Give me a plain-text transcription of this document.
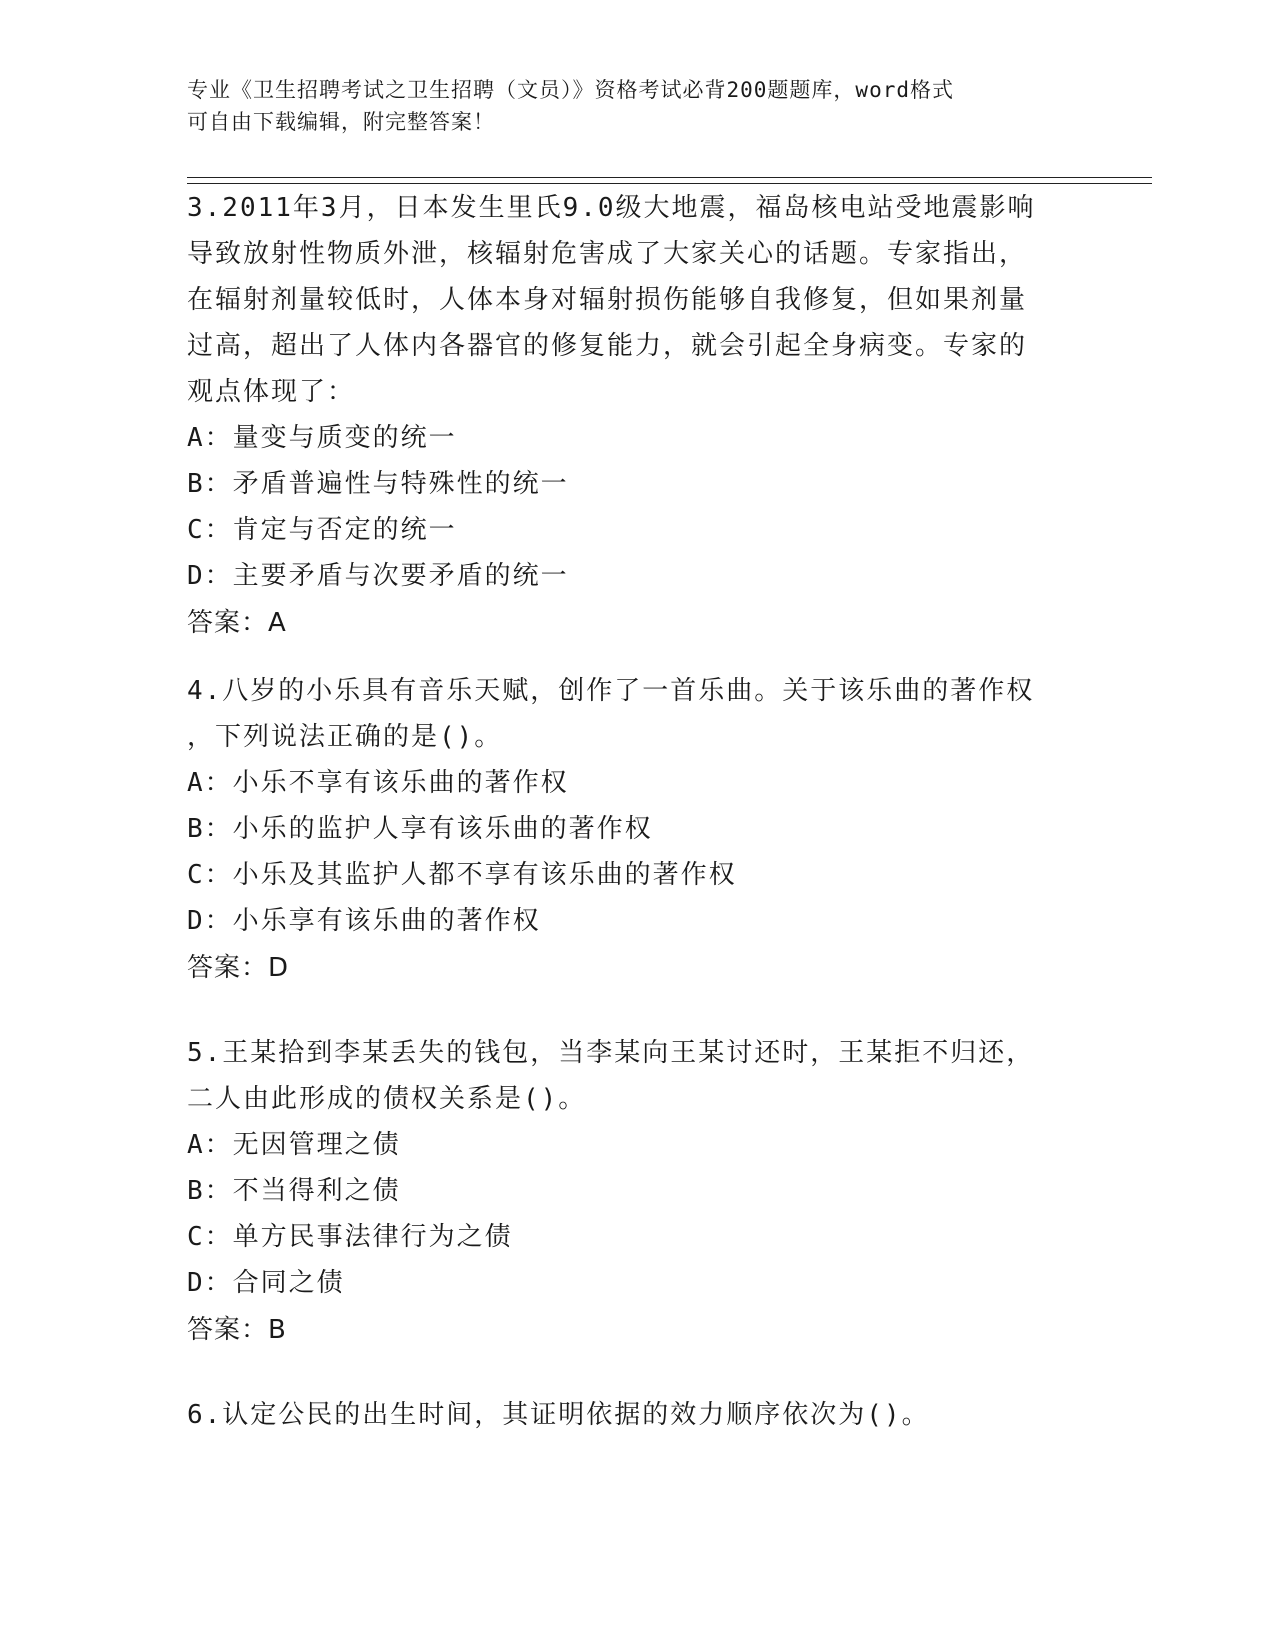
专业《卫生招聘考试之卫生招聘（文员）》资格考试必背200题题库，word格式
可自由下载编辑，附完整答案！

3.2011年3月，日本发生里氏9.0级大地震，福岛核电站受地震影响

导致放射性物质外泄，核辐射危害成了大家关心的话题。专家指出，

在辐射剂量较低时，人体本身对辐射损伤能够自我修复，但如果剂量

过高，超出了人体内各器官的修复能力，就会引起全身病变。专家的

观点体现了：

A：量变与质变的统一

B：矛盾普遍性与特殊性的统一

C：肯定与否定的统一

D：主要矛盾与次要矛盾的统一

答案：A

4.八岁的小乐具有音乐天赋，创作了一首乐曲。关于该乐曲的著作权

，下列说法正确的是()。

A：小乐不享有该乐曲的著作权

B：小乐的监护人享有该乐曲的著作权

C：小乐及其监护人都不享有该乐曲的著作权

D：小乐享有该乐曲的著作权

答案：D

5.王某拾到李某丢失的钱包，当李某向王某讨还时，王某拒不归还，

二人由此形成的债权关系是()。

A：无因管理之债

B：不当得利之债

C：单方民事法律行为之债

D：合同之债

答案：B

6.认定公民的出生时间，其证明依据的效力顺序依次为()。
